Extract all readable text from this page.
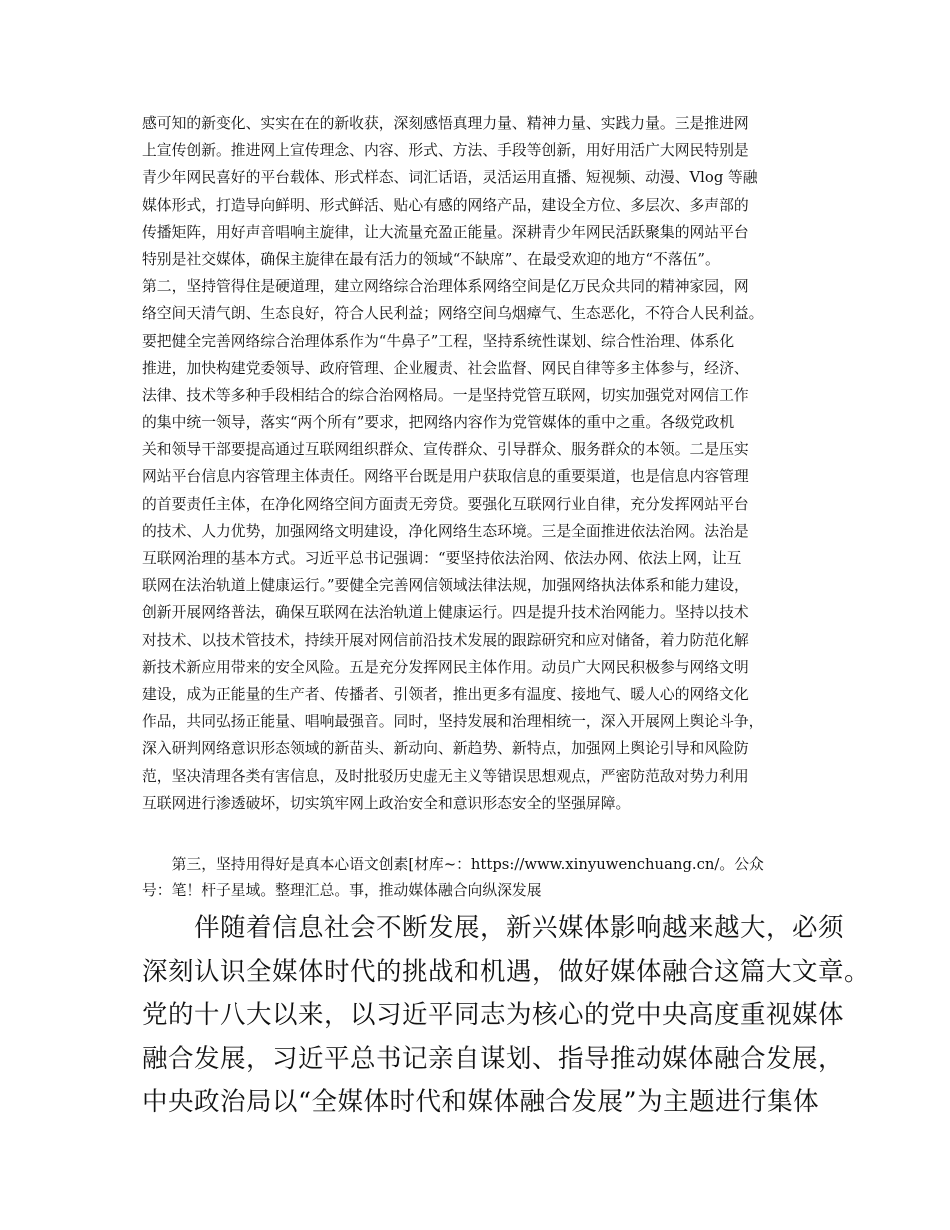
感可知的新变化、实实在在的新收获，深刻感悟真理力量、精神力量、实践力量。三是推进网
上宣传创新。推进网上宣传理念、内容、形式、方法、手段等创新，用好用活广大网民特别是
青少年网民喜好的平台载体、形式样态、词汇话语，灵活运用直播、短视频、动漫、Vlog 等融
媒体形式，打造导向鲜明、形式鲜活、贴心有感的网络产品，建设全方位、多层次、多声部的
传播矩阵，用好声音唱响主旋律，让大流量充盈正能量。深耕青少年网民活跃聚集的网站平台
特别是社交媒体，确保主旋律在最有活力的领域“不缺席”、在最受欢迎的地方“不落伍”。
第二，坚持管得住是硬道理，建立网络综合治理体系网络空间是亿万民众共同的精神家园，网
络空间天清气朗、生态良好，符合人民利益；网络空间乌烟瘴气、生态恶化，不符合人民利益。
要把健全完善网络综合治理体系作为“牛鼻子”工程，坚持系统性谋划、综合性治理、体系化
推进，加快构建党委领导、政府管理、企业履责、社会监督、网民自律等多主体参与，经济、
法律、技术等多种手段相结合的综合治网格局。一是坚持党管互联网，切实加强党对网信工作
的集中统一领导，落实“两个所有”要求，把网络内容作为党管媒体的重中之重。各级党政机
关和领导干部要提高通过互联网组织群众、宣传群众、引导群众、服务群众的本领。二是压实
网站平台信息内容管理主体责任。网络平台既是用户获取信息的重要渠道，也是信息内容管理
的首要责任主体，在净化网络空间方面责无旁贷。要强化互联网行业自律，充分发挥网站平台
的技术、人力优势，加强网络文明建设，净化网络生态环境。三是全面推进依法治网。法治是
互联网治理的基本方式。习近平总书记强调：“要坚持依法治网、依法办网、依法上网，让互
联网在法治轨道上健康运行。”要健全完善网信领域法律法规，加强网络执法体系和能力建设，
创新开展网络普法，确保互联网在法治轨道上健康运行。四是提升技术治网能力。坚持以技术
对技术、以技术管技术，持续开展对网信前沿技术发展的跟踪研究和应对储备，着力防范化解
新技术新应用带来的安全风险。五是充分发挥网民主体作用。动员广大网民积极参与网络文明
建设，成为正能量的生产者、传播者、引领者，推出更多有温度、接地气、暖人心的网络文化
作品，共同弘扬正能量、唱响最强音。同时，坚持发展和治理相统一，深入开展网上舆论斗争，
深入研判网络意识形态领域的新苗头、新动向、新趋势、新特点，加强网上舆论引导和风险防
范，坚决清理各类有害信息，及时批驳历史虚无主义等错误思想观点，严密防范敌对势力利用
互联网进行渗透破坏，切实筑牢网上政治安全和意识形态安全的坚强屏障。
　　第三，坚持用得好是真本心语文创素[材库~：https://www.xinyuwenchuang.cn/。公众
号：笔！杆子星域。整理汇总。事，推动媒体融合向纵深发展
　　伴随着信息社会不断发展，新兴媒体影响越来越大，必须
深刻认识全媒体时代的挑战和机遇，做好媒体融合这篇大文章。
党的十八大以来，以习近平同志为核心的党中央高度重视媒体
融合发展，习近平总书记亲自谋划、指导推动媒体融合发展，
中央政治局以“全媒体时代和媒体融合发展”为主题进行集体
